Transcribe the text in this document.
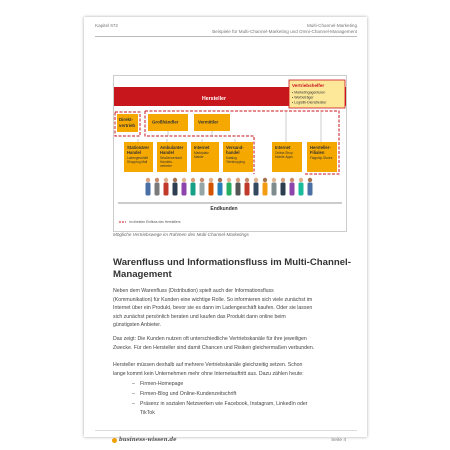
Kapitel 672	Multi-Channel-Marketing
Beispiele für Multi-Channel-Marketing und Omni-Channel-Management
Hersteller
Vertriebshelfer
• Marketingagenturen
• Werbeträger
• Logistik-Dienstleister
Direkt-
vertrieb
Großhändler	Vermittler
Stationärer
Handel
Ladengeschäft
Shopping Mall
Ambulanter
Handel
Straßenverkauf
Handels-
vertreter
Internet
Marktplatz
Makler
Versand-
handel
Katalog
Teleshopping
Internet
Online-Shop
Mobile-Apps
Hersteller-
Filialen
Flagship-Stores
Endkunden
im direkten Einfluss des Herstellers
Mögliche Vertriebswege im Rahmen des Multi-Channel-Marketings
Warenfluss und Informationsfluss im Multi-Channel-Management
Neben dem Warenfluss (Distribution) spielt auch der Informationsfluss
(Kommunikation) für Kunden eine wichtige Rolle. So informieren sich viele zunächst im
Internet über ein Produkt, bevor sie es dann im Ladengeschäft kaufen. Oder sie lassen
sich zunächst persönlich beraten und kaufen das Produkt dann online beim
günstigsten Anbieter.
Das zeigt: Die Kunden nutzen oft unterschiedliche Vertriebskanäle für ihre jeweiligen
Zwecke. Für den Hersteller sind damit Chancen und Risiken gleichermaßen verbunden.
Hersteller müssen deshalb auf mehrere Vertriebskanäle gleichzeitig setzen. Schon
lange kommt kein Unternehmen mehr ohne Internetauftritt aus. Dazu zählen heute:
– Firmen-Homepage
– Firmen-Blog und Online-Kundenzeitschrift
– Präsenz in sozialen Netzwerken wie Facebook, Instagram, LinkedIn oder
TikTok
business-wissen.de	Seite 4
